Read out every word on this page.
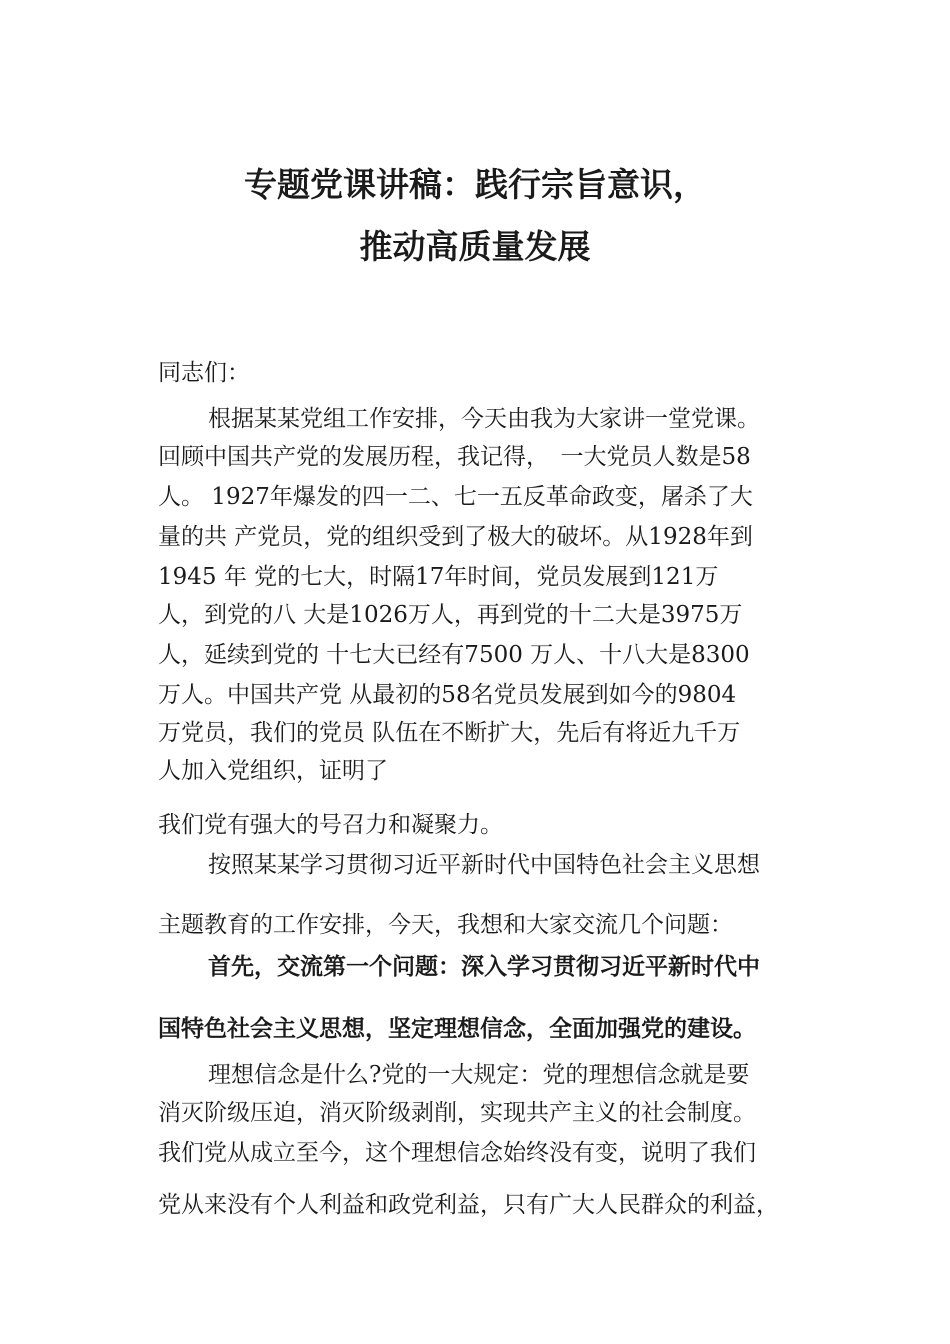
专题党课讲稿：践行宗旨意识，
推动高质量发展
同志们：
根据某某党组工作安排，今天由我为大家讲一堂党课。
回顾中国共产党的发展历程，我记得，　一大党员人数是58
人。 1927年爆发的四一二、七一五反革命政变，屠杀了大
量的共 产党员，党的组织受到了极大的破坏。从1928年到
1945 年 党的七大，时隔17年时间，党员发展到121万
人，到党的八 大是1026万人，再到党的十二大是3975万
人，延续到党的 十七大已经有7500 万人、十八大是8300
万人。中国共产党 从最初的58名党员发展到如今的9804
万党员，我们的党员 队伍在不断扩大，先后有将近九千万
人加入党组织，证明了
我们党有强大的号召力和凝聚力。
按照某某学习贯彻习近平新时代中国特色社会主义思想
主题教育的工作安排，今天，我想和大家交流几个问题：
首先，交流第一个问题：深入学习贯彻习近平新时代中
国特色社会主义思想，坚定理想信念，全面加强党的建设。
理想信念是什么?党的一大规定：党的理想信念就是要
消灭阶级压迫，消灭阶级剥削，实现共产主义的社会制度。
我们党从成立至今，这个理想信念始终没有变，说明了我们
党从来没有个人利益和政党利益，只有广大人民群众的利益，
